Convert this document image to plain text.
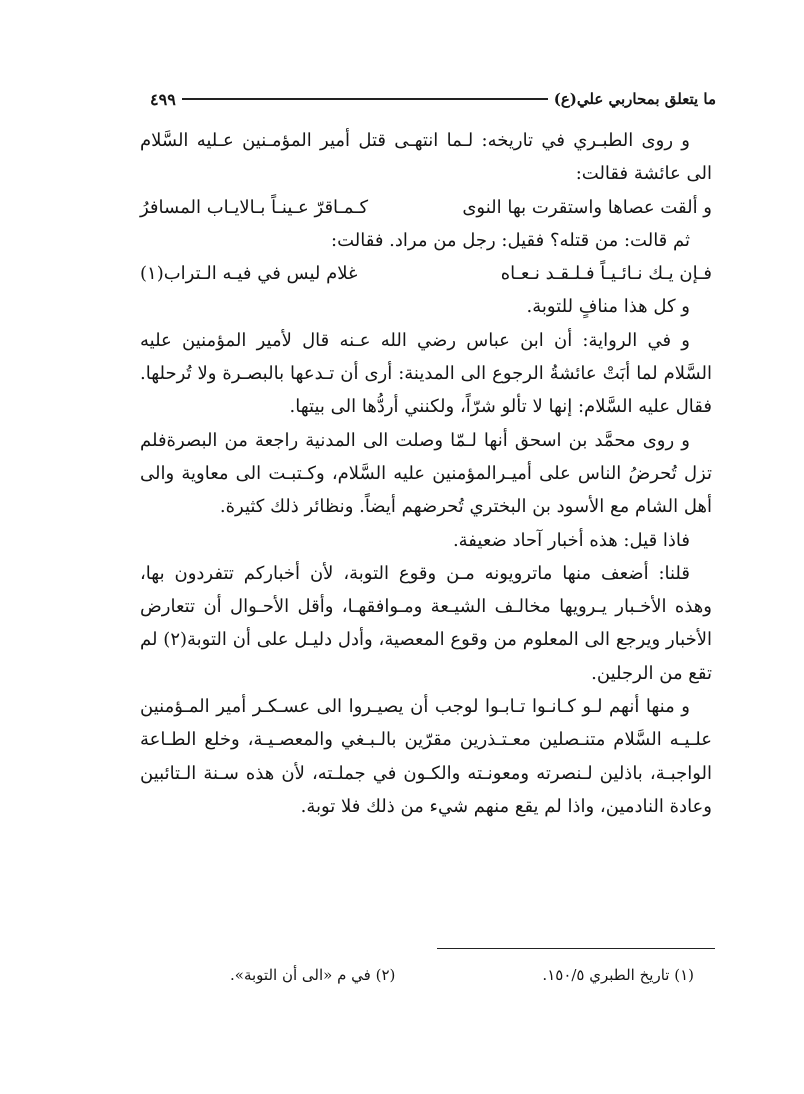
ما يتعلق بمحاربي علي(ع)
٤٩٩

و روى الطبـري في تاريخه: لـما انتهـى قتل أمير المؤمـنين عـليه السَّلام الى عائشة فقالت:

و ألقت عصاها واستقرت بها النوى
كـمـاقرّ عـينـاً بـالايـاب المسافرُ

ثم قالت: من قتله؟ فقيل: رجل من مراد. فقالت:

فـإن يـك نـائـيـاً فـلـقـد نـعـاه
غلام ليس في فيـه الـتراب(١)

و كل هذا منافٍ للتوبة.

و في الرواية: أن ابن عباس رضي الله عـنه قال لأمير المؤمنين عليه السَّلام لما أبَتْ عائشةُ الرجوع الى المدينة: أرى أن تـدعها بالبصـرة ولا تُرحلها. فقال عليه السَّلام: إنها لا تألو شرّاً، ولكنني أردُّها الى بيتها.

و روى محمَّد بن اسحق أنها لـمّا وصلت الى المدنية راجعة من البصرةفلم تزل تُحرضُ الناس على أميـرالمؤمنين عليه السَّلام، وكـتبـت الى معاوية والى أهل الشام مع الأسود بن البختري تُحرضهم أيضاً. ونظائر ذلك كثيرة.

فاذا قيل: هذه أخبار آحاد ضعيفة.

قلنا: أضعف منها ماترويونه مـن وقوع التوبة، لأن أخباركم تتفردون بها، وهذه الأخـبار يـرويها مخالـف الشيـعة ومـوافقهـا، وأقل الأحـوال أن تتعارض الأخبار ويرجع الى المعلوم من وقوع المعصية، وأدل دليـل على أن التوبة(٢) لم تقع من الرجلين.

و منها أنهم لـو كـانـوا تـابـوا لوجب أن يصيـروا الى عسـكـر أمير المـؤمنين علـيـه السَّلام متنـصلين معـتـذرين مقرّين بالـبـغي والمعصـيـة، وخلع الطـاعة الواجبـة، باذلين لـنصرته ومعونـته والكـون في جملـته، لأن هذه سـنة الـتائبين وعادة النادمين، واذا لم يقع منهم شيء من ذلك فلا توبة.

(١) تاريخ الطبري ١٥٠/٥.
(٢) في م «الى أن التوبة».
